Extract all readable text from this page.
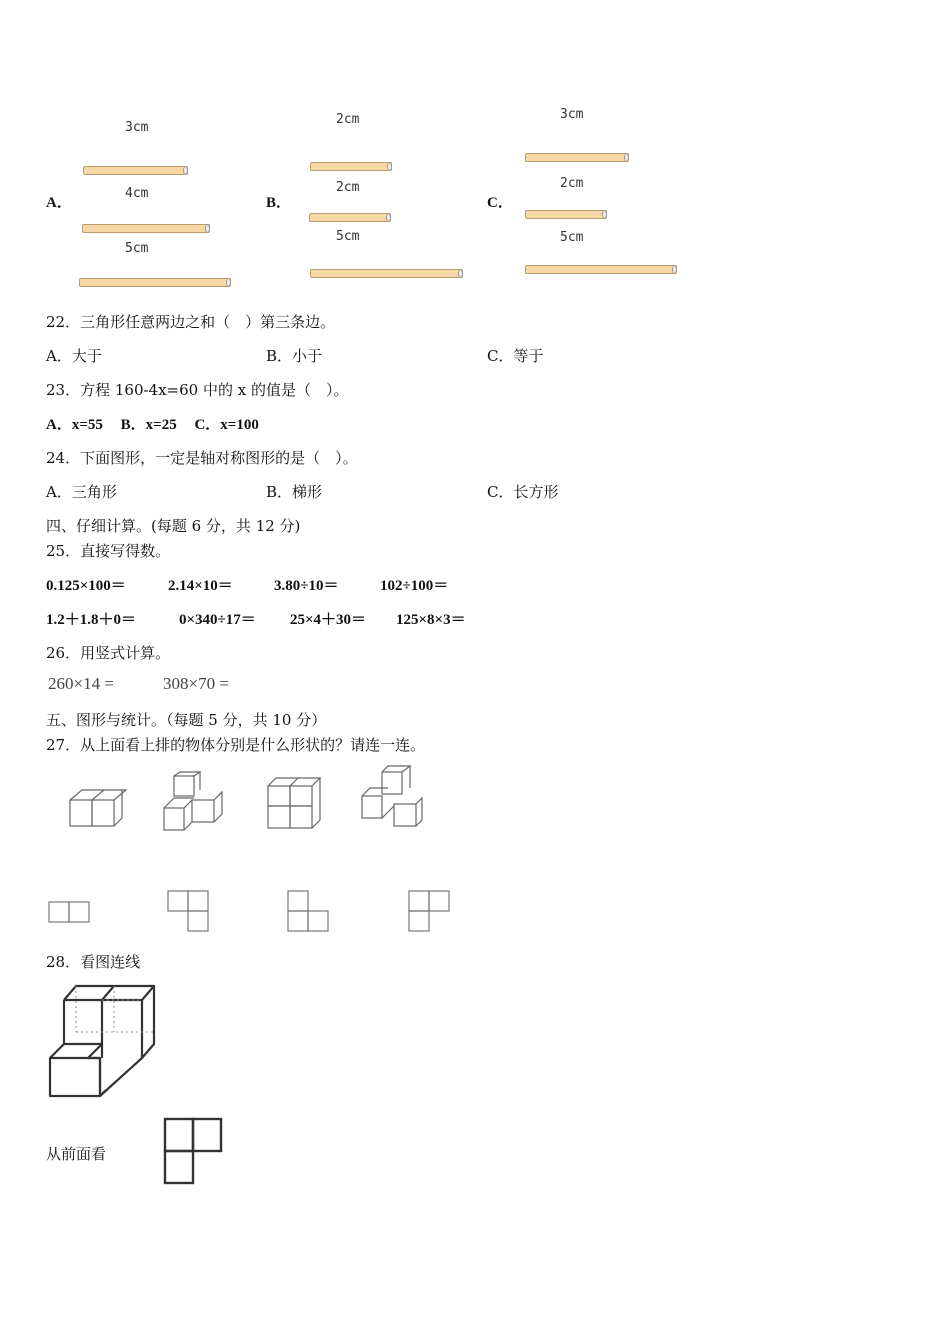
A．
3cm
4cm
5cm
B．
2cm
2cm
5cm
C．
3cm
2cm
5cm
22．三角形任意两边之和（　）第三条边。
A．大于	B．小于	C．等于
23．方程 160-4x=60 中的 x 的值是（　）。
A．x=55 B．x=25 C．x=100
24．下面图形，一定是轴对称图形的是（　）。
A．三角形	B．梯形	C．长方形
四、仔细计算。(每题 6 分，共 12 分)
25．直接写得数。
0.125×100＝	2.14×10＝	3.80÷10＝	102÷100＝
1.2＋1.8＋0＝	0×340÷17＝ 25×4＋30＝ 125×8×3＝
26．用竖式计算。
260×14 =	308×70 =
五、图形与统计。（每题 5 分，共 10 分）
27．从上面看上排的物体分别是什么形状的？请连一连。
28．看图连线
从前面看
